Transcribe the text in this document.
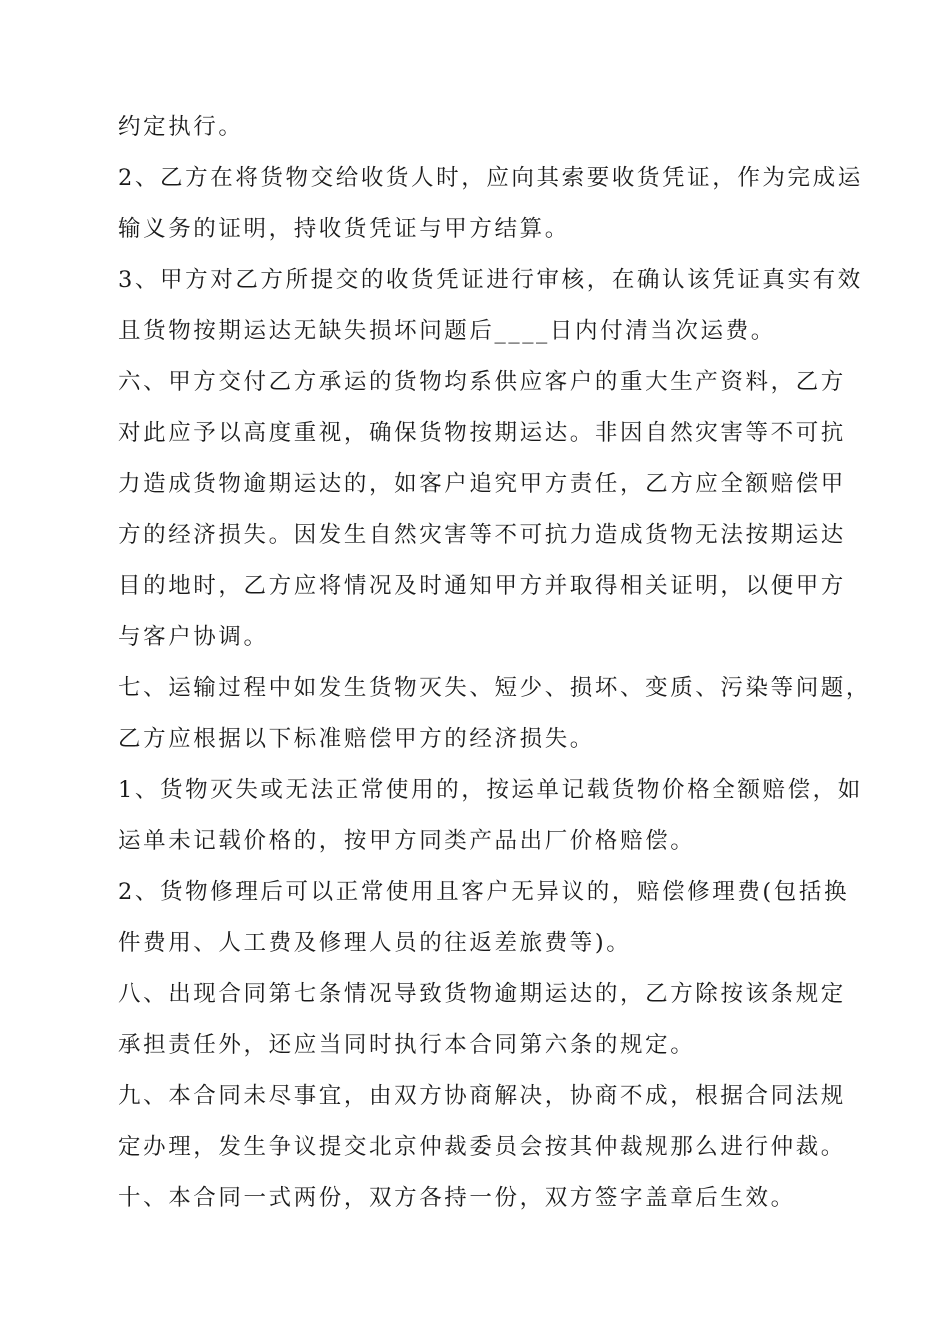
约定执行。
2、乙方在将货物交给收货人时，应向其索要收货凭证，作为完成运
输义务的证明，持收货凭证与甲方结算。
3、甲方对乙方所提交的收货凭证进行审核，在确认该凭证真实有效
且货物按期运达无缺失损坏问题后____日内付清当次运费。
六、甲方交付乙方承运的货物均系供应客户的重大生产资料，乙方
对此应予以高度重视，确保货物按期运达。非因自然灾害等不可抗
力造成货物逾期运达的，如客户追究甲方责任，乙方应全额赔偿甲
方的经济损失。因发生自然灾害等不可抗力造成货物无法按期运达
目的地时，乙方应将情况及时通知甲方并取得相关证明，以便甲方
与客户协调。
七、运输过程中如发生货物灭失、短少、损坏、变质、污染等问题，
乙方应根据以下标准赔偿甲方的经济损失。
1、货物灭失或无法正常使用的，按运单记载货物价格全额赔偿，如
运单未记载价格的，按甲方同类产品出厂价格赔偿。
2、货物修理后可以正常使用且客户无异议的，赔偿修理费(包括换
件费用、人工费及修理人员的往返差旅费等)。
八、出现合同第七条情况导致货物逾期运达的，乙方除按该条规定
承担责任外，还应当同时执行本合同第六条的规定。
九、本合同未尽事宜，由双方协商解决，协商不成，根据合同法规
定办理，发生争议提交北京仲裁委员会按其仲裁规那么进行仲裁。
十、本合同一式两份，双方各持一份，双方签字盖章后生效。
